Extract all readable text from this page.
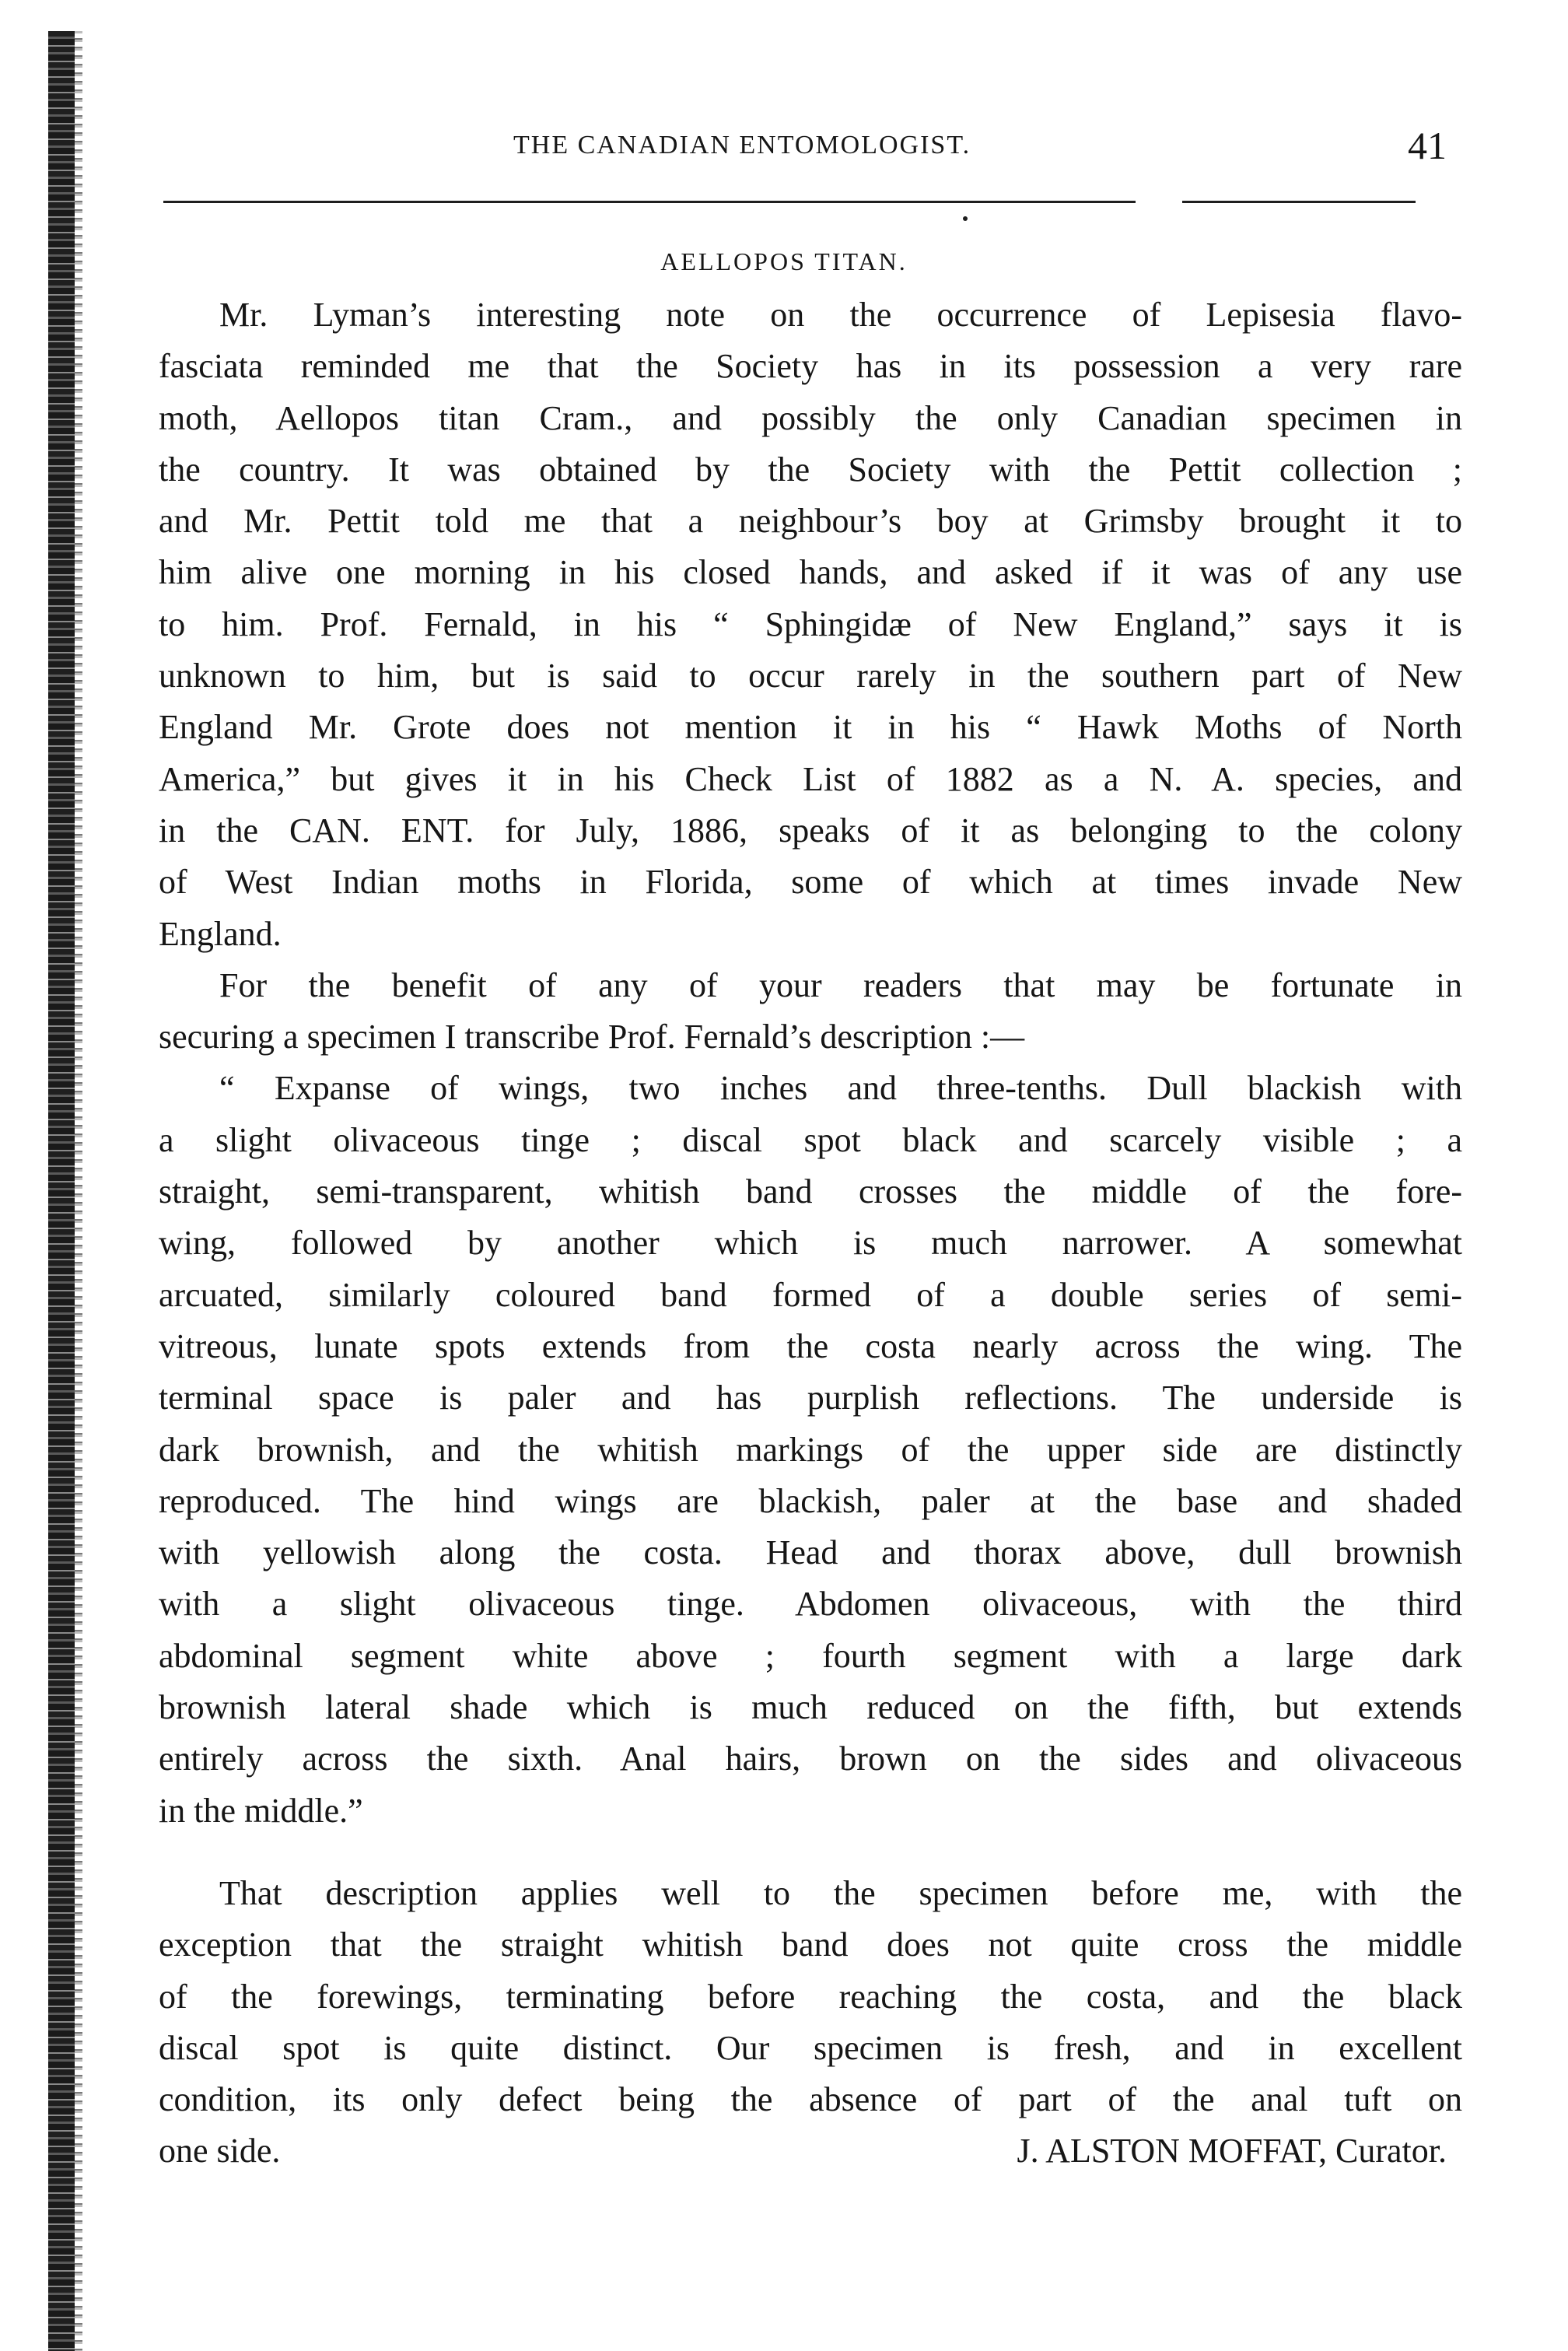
THE CANADIAN ENTOMOLOGIST.	41
AELLOPOS TITAN.
Mr. Lyman’s interesting note on the occurrence of Lepisesia flavo-
fasciata reminded me that the Society has in its possession a very rare
moth, Aellopos titan Cram., and possibly the only Canadian specimen in
the country. It was obtained by the Society with the Pettit collection ;
and Mr. Pettit told me that a neighbour’s boy at Grimsby brought it to
him alive one morning in his closed hands, and asked if it was of any use
to him. Prof. Fernald, in his “ Sphingidæ of New England,” says it is
unknown to him, but is said to occur rarely in the southern part of New
England Mr. Grote does not mention it in his “ Hawk Moths of North
America,” but gives it in his Check List of 1882 as a N. A. species, and
in the CAN. ENT. for July, 1886, speaks of it as belonging to the colony
of West Indian moths in Florida, some of which at times invade New
England.
For the benefit of any of your readers that may be fortunate in
securing a specimen I transcribe Prof. Fernald’s description :—
“ Expanse of wings, two inches and three-tenths. Dull blackish with
a slight olivaceous tinge ; discal spot black and scarcely visible ; a
straight, semi-transparent, whitish band crosses the middle of the fore-
wing, followed by another which is much narrower. A somewhat
arcuated, similarly coloured band formed of a double series of semi-
vitreous, lunate spots extends from the costa nearly across the wing. The
terminal space is paler and has purplish reflections. The underside is
dark brownish, and the whitish markings of the upper side are distinctly
reproduced. The hind wings are blackish, paler at the base and shaded
with yellowish along the costa. Head and thorax above, dull brownish
with a slight olivaceous tinge. Abdomen olivaceous, with the third
abdominal segment white above ; fourth segment with a large dark
brownish lateral shade which is much reduced on the fifth, but extends
entirely across the sixth. Anal hairs, brown on the sides and olivaceous
in the middle.”
That description applies well to the specimen before me, with the
exception that the straight whitish band does not quite cross the middle
of the forewings, terminating before reaching the costa, and the black
discal spot is quite distinct. Our specimen is fresh, and in excellent
condition, its only defect being the absence of part of the anal tuft on
one side.	J. ALSTON MOFFAT, Curator.
